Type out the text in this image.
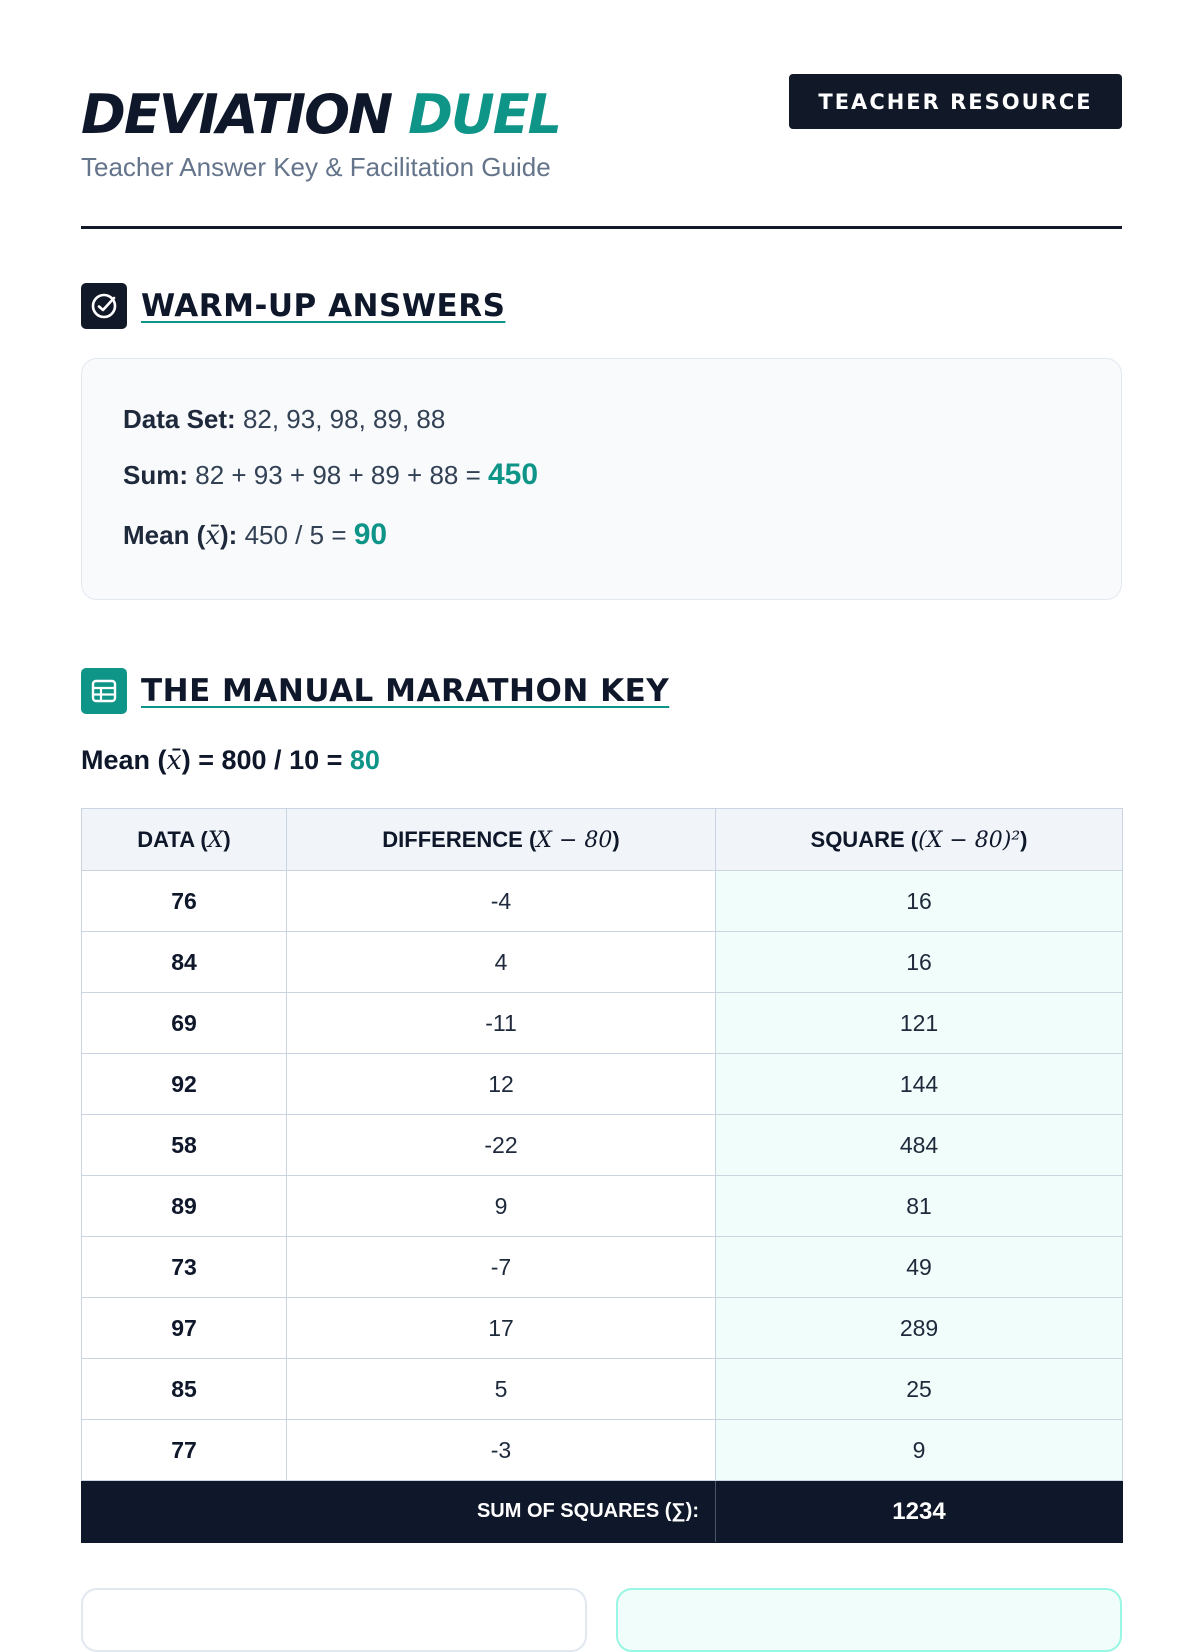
DEVIATION DUEL
Teacher Answer Key & Facilitation Guide
TEACHER RESOURCE
WARM-UP ANSWERS
Data Set: 82, 93, 98, 89, 88
Sum: 82 + 93 + 98 + 89 + 88 = 450
Mean (x̄): 450 / 5 = 90
THE MANUAL MARATHON KEY
Mean (x̄) = 800 / 10 = 80
DATA (X)	DIFFERENCE (X − 80)	SQUARE ((X − 80)²)
76	-4	16
84	4	16
69	-11	121
92	12	144
58	-22	484
89	9	81
73	-7	49
97	17	289
85	5	25
77	-3	9
SUM OF SQUARES (∑):		1234
